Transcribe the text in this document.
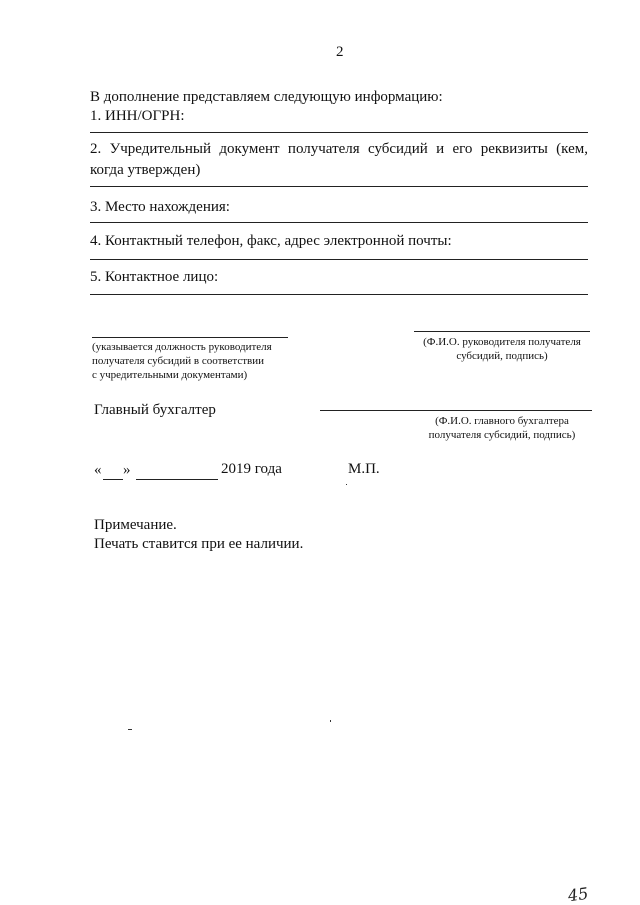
2
В дополнение представляем следующую информацию:
1. ИНН/ОГРН:
2. Учредительный документ получателя субсидий и его реквизиты (кем,
когда утвержден)
3. Место нахождения:
4. Контактный телефон, факс, адрес электронной почты:
5. Контактное лицо:
(указывается должность руководителя
получателя субсидий в соответствии
с учредительными документами)
(Ф.И.О. руководителя получателя
субсидий, подпись)
Главный бухгалтер
(Ф.И.О. главного бухгалтера
получателя субсидий, подпись)
« »	2019 года	М.П.
Примечание.
Печать ставится при ее наличии.
45
